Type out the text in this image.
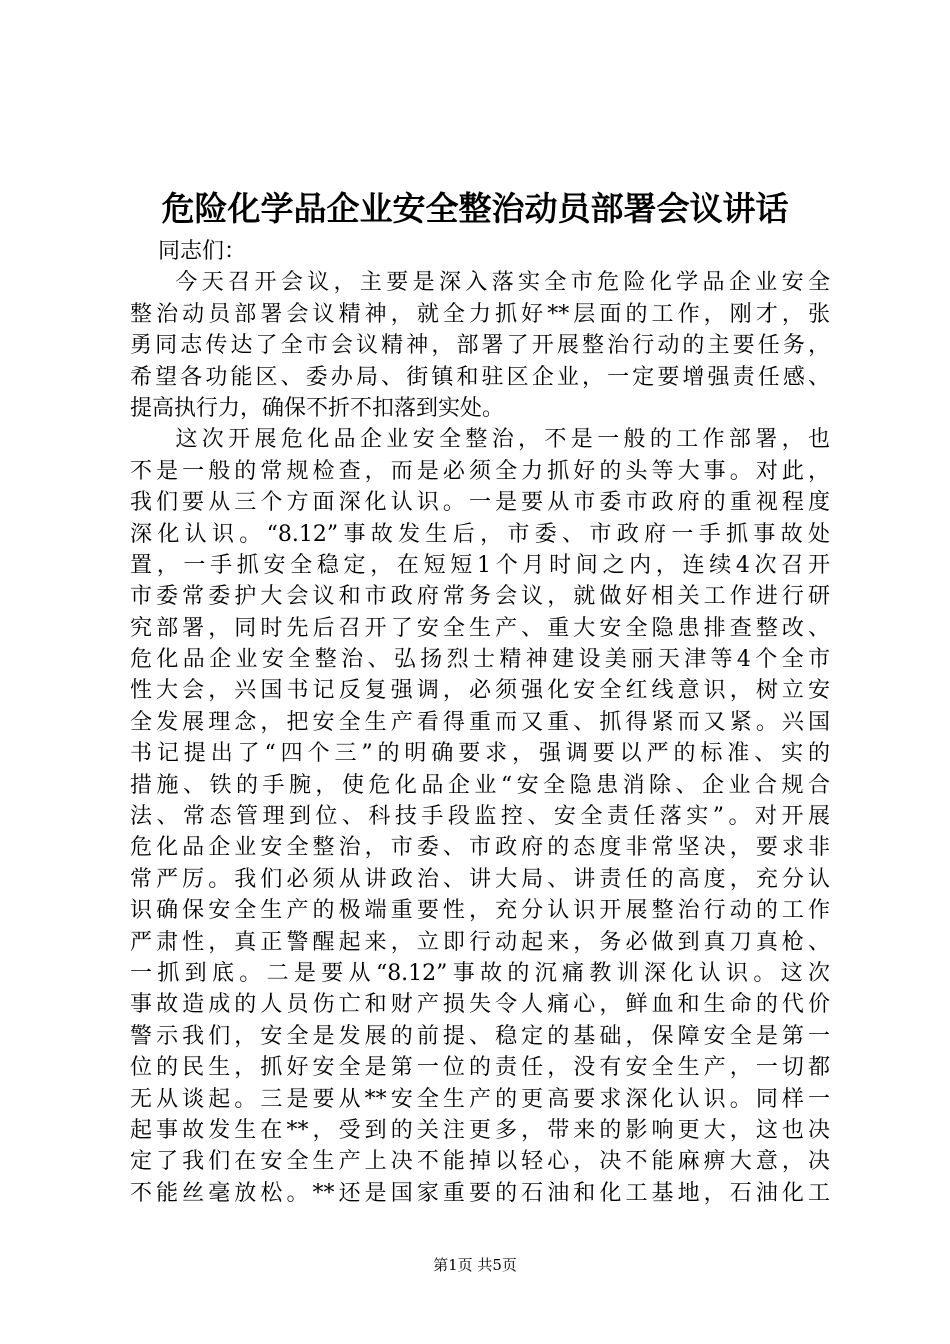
危险化学品企业安全整治动员部署会议讲话
同志们：
今天召开会议，主要是深入落实全市危险化学品企业安全
整治动员部署会议精神，就全力抓好**层面的工作，刚才，张
勇同志传达了全市会议精神，部署了开展整治行动的主要任务，
希望各功能区、委办局、街镇和驻区企业，一定要增强责任感、
提高执行力，确保不折不扣落到实处。
这次开展危化品企业安全整治，不是一般的工作部署，也
不是一般的常规检查，而是必须全力抓好的头等大事。对此，
我们要从三个方面深化认识。一是要从市委市政府的重视程度
深化认识。“8.12”事故发生后，市委、市政府一手抓事故处
置，一手抓安全稳定，在短短1个月时间之内，连续4次召开
市委常委护大会议和市政府常务会议，就做好相关工作进行研
究部署，同时先后召开了安全生产、重大安全隐患排查整改、
危化品企业安全整治、弘扬烈士精神建设美丽天津等4个全市
性大会，兴国书记反复强调，必须强化安全红线意识，树立安
全发展理念，把安全生产看得重而又重、抓得紧而又紧。兴国
书记提出了“四个三”的明确要求，强调要以严的标准、实的
措施、铁的手腕，使危化品企业“安全隐患消除、企业合规合
法、常态管理到位、科技手段监控、安全责任落实”。对开展
危化品企业安全整治，市委、市政府的态度非常坚决，要求非
常严厉。我们必须从讲政治、讲大局、讲责任的高度，充分认
识确保安全生产的极端重要性，充分认识开展整治行动的工作
严肃性，真正警醒起来，立即行动起来，务必做到真刀真枪、
一抓到底。二是要从“8.12”事故的沉痛教训深化认识。这次
事故造成的人员伤亡和财产损失令人痛心，鲜血和生命的代价
警示我们，安全是发展的前提、稳定的基础，保障安全是第一
位的民生，抓好安全是第一位的责任，没有安全生产，一切都
无从谈起。三是要从**安全生产的更高要求深化认识。同样一
起事故发生在**，受到的关注更多，带来的影响更大，这也决
定了我们在安全生产上决不能掉以轻心，决不能麻痹大意，决
不能丝毫放松。**还是国家重要的石油和化工基地，石油化工
第1页 共5页
